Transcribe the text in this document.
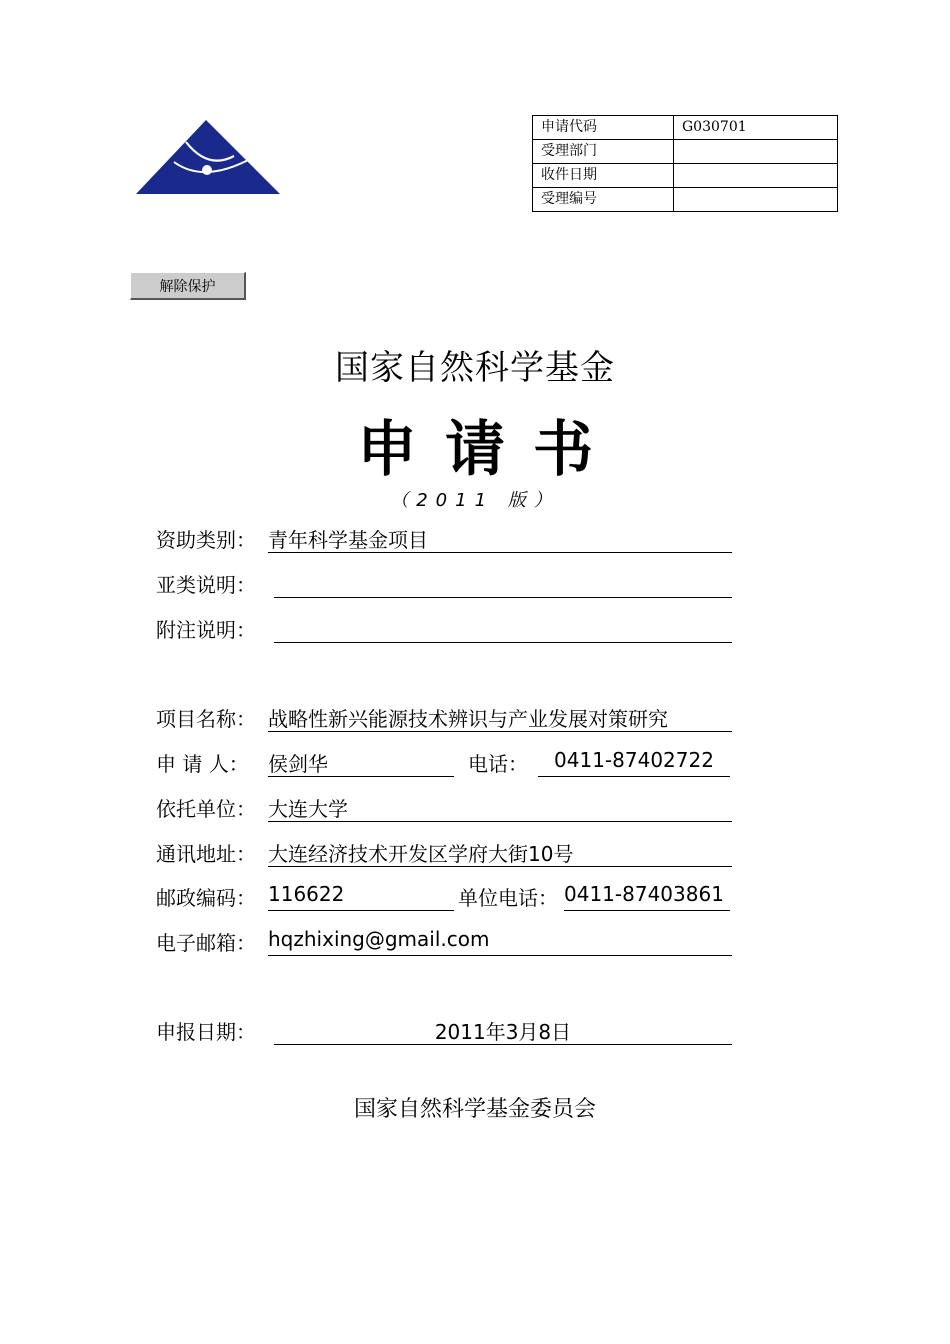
申请代码	G030701
受理部门	
收件日期	
受理编号	
解除保护
国家自然科学基金
申请书
（2011 版）
资助类别： 青年科学基金项目
亚类说明：
附注说明：
项目名称： 战略性新兴能源技术辨识与产业发展对策研究
申 请 人： 侯剑华	电话：	0411-87402722
依托单位： 大连大学
通讯地址： 大连经济技术开发区学府大街10号
邮政编码： 116622	单位电话： 0411-87403861
电子邮箱： hqzhixing@gmail.com
申报日期：	2011年3月8日
国家自然科学基金委员会
